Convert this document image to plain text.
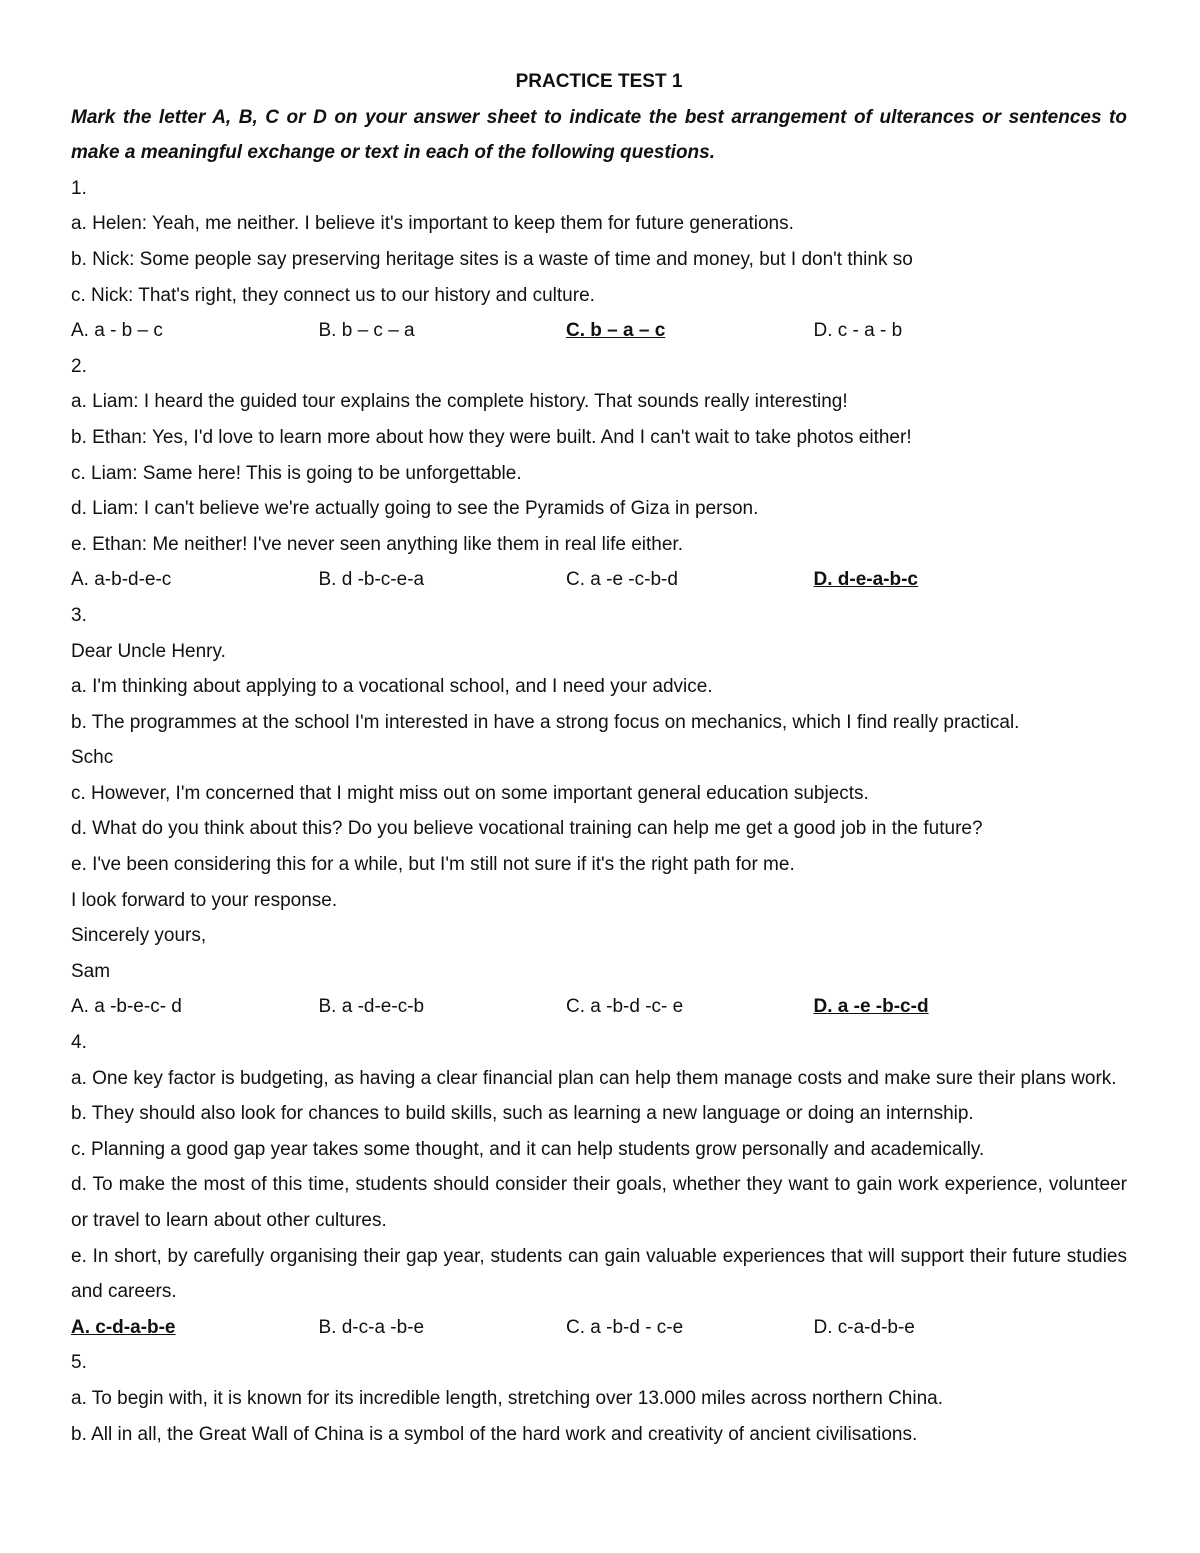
PRACTICE TEST 1
Mark the letter A, B, C or D on your answer sheet to indicate the best arrangement of ulterances or sentences to make a meaningful exchange or text in each of the following questions.
1.
a. Helen: Yeah, me neither. I believe it's important to keep them for future generations.
b. Nick: Some people say preserving heritage sites is a waste of time and money, but I don't think so
c. Nick: That's right, they connect us to our history and culture.
A. a - b – c	B. b – c – a	C. b – a – c	D. c - a - b
2.
a. Liam: I heard the guided tour explains the complete history. That sounds really interesting!
b. Ethan: Yes, I'd love to learn more about how they were built. And I can't wait to take photos either!
c. Liam: Same here! This is going to be unforgettable.
d. Liam: I can't believe we're actually going to see the Pyramids of Giza in person.
e. Ethan: Me neither! I've never seen anything like them in real life either.
A. a-b-d-e-c	B. d -b-c-e-a	C. a -e -c-b-d	D. d-e-a-b-c
3.
Dear Uncle Henry.
a. I'm thinking about applying to a vocational school, and I need your advice.
b. The programmes at the school I'm interested in have a strong focus on mechanics, which I find really practical.
Schc
c. However, I'm concerned that I might miss out on some important general education subjects.
d. What do you think about this? Do you believe vocational training can help me get a good job in the future?
e. I've been considering this for a while, but I'm still not sure if it's the right path for me.
I look forward to your response.
Sincerely yours,
Sam
A. a -b-e-c- d	B. a -d-e-c-b	C. a -b-d -c- e	D. a -e -b-c-d
4.
a. One key factor is budgeting, as having a clear financial plan can help them manage costs and make sure their plans work.
b. They should also look for chances to build skills, such as learning a new language or doing an internship.
c. Planning a good gap year takes some thought, and it can help students grow personally and academically.
d. To make the most of this time, students should consider their goals, whether they want to gain work experience, volunteer or travel to learn about other cultures.
e. In short, by carefully organising their gap year, students can gain valuable experiences that will support their future studies and careers.
A. c-d-a-b-e	B. d-c-a -b-e	C. a -b-d - c-e	D. c-a-d-b-e
5.
a. To begin with, it is known for its incredible length, stretching over 13.000 miles across northern China.
b. All in all, the Great Wall of China is a symbol of the hard work and creativity of ancient civilisations.
